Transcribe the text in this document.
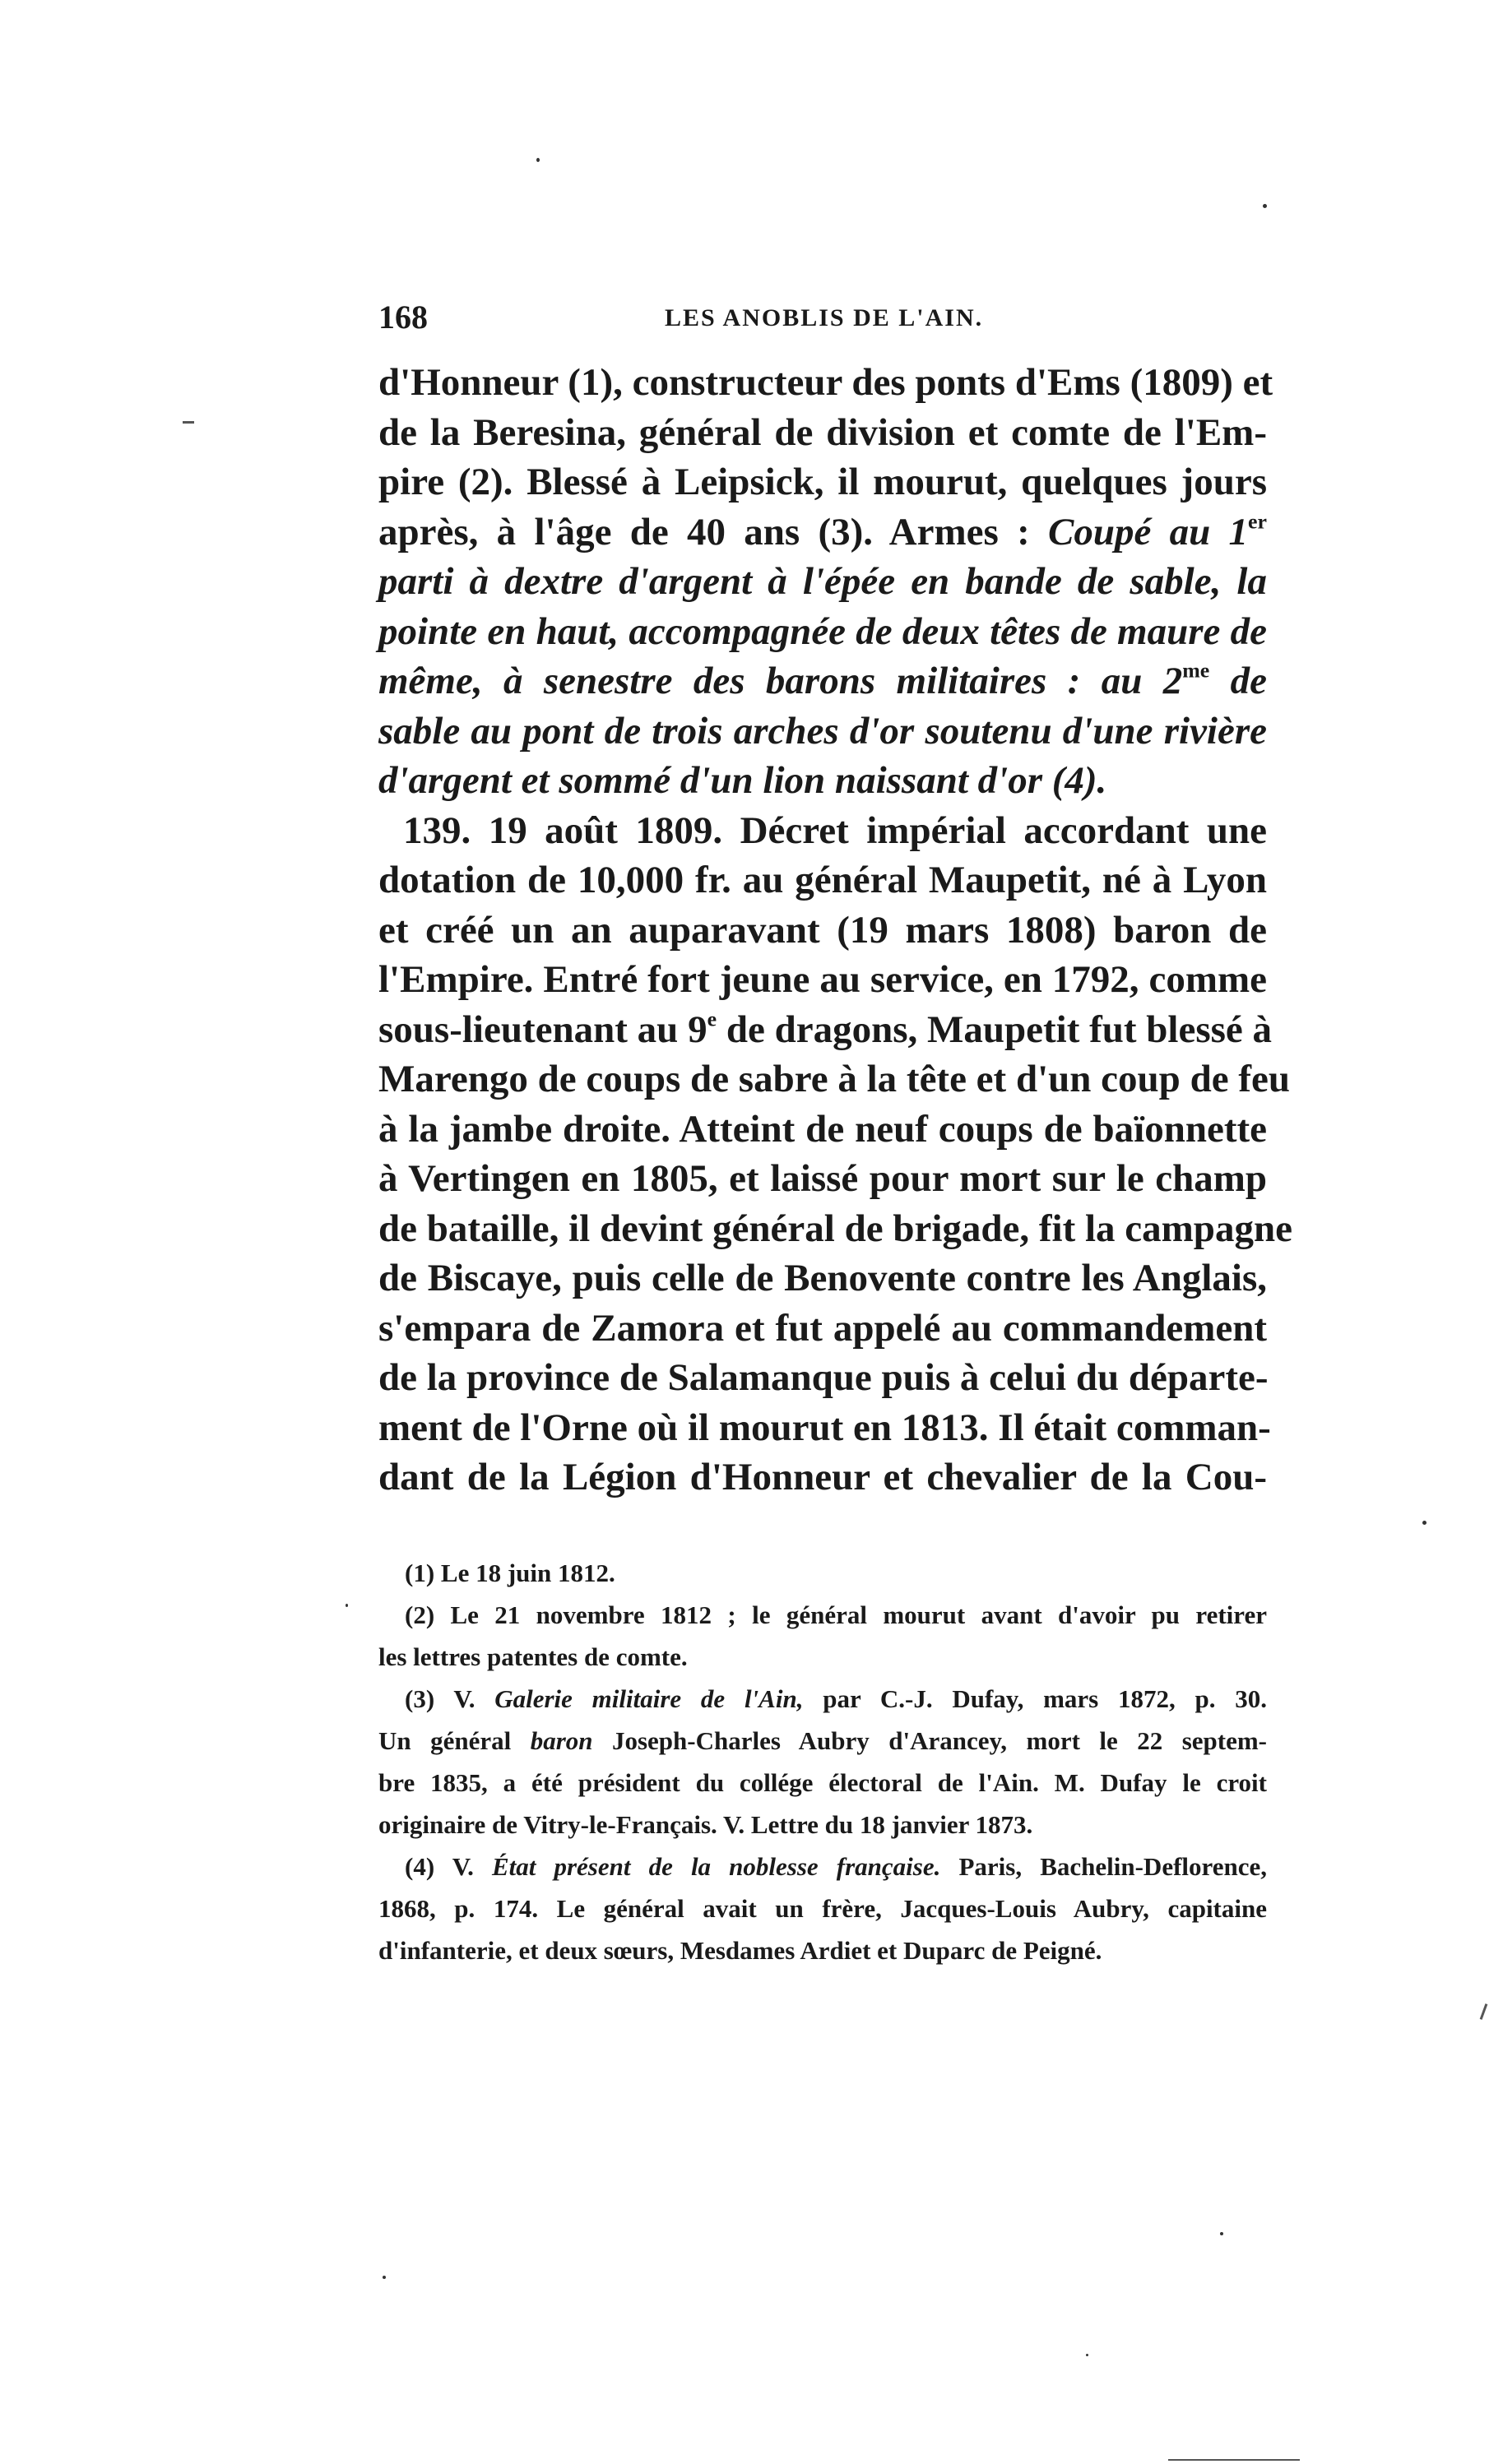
168	LES ANOBLIS DE L'AIN.
d'Honneur (1), constructeur des ponts d'Ems (1809) et
de la Beresina, général de division et comte de l'Em-
pire (2). Blessé à Leipsick, il mourut, quelques jours
après, à l'âge de 40 ans (3). Armes : Coupé au 1er
parti à dextre d'argent à l'épée en bande de sable, la
pointe en haut, accompagnée de deux têtes de maure de
même, à senestre des barons militaires : au $2^{me}$ de
sable au pont de trois arches d'or soutenu d'une rivière
d'argent et sommé d'un lion naissant d'or (4).
139. 19 août 1809. Décret impérial accordant une
dotation de 10,000 fr. au général Maupetit, né à Lyon
et créé un an auparavant (19 mars 1808) baron de
l'Empire. Entré fort jeune au service, en 1792, comme
sous-lieutenant au 9e de dragons, Maupetit fut blessé à
Marengo de coups de sabre à la tête et d'un coup de feu
à la jambe droite. Atteint de neuf coups de baïonnette
à Vertingen en 1805, et laissé pour mort sur le champ
de bataille, il devint général de brigade, fit la campagne
de Biscaye, puis celle de Benovente contre les Anglais,
s'empara de Zamora et fut appelé au commandement
de la province de Salamanque puis à celui du départe-
ment de l'Orne où il mourut en 1813. Il était comman-
dant de la Légion d'Honneur et chevalier de la Cou-
(1) Le 18 juin 1812.
(2) Le 21 novembre 1812 ; le général mourut avant d'avoir pu retirer
les lettres patentes de comte.
(3) V. Galerie militaire de l'Ain, par C.-J. Dufay, mars 1872, p. 30.
Un général baron Joseph-Charles Aubry d'Arancey, mort le 22 septem-
bre 1835, a été président du collége électoral de l'Ain. M. Dufay le croit
originaire de Vitry-le-Français. V. Lettre du 18 janvier 1873.
(4) V. État présent de la noblesse française. Paris, Bachelin-Deflorence,
1868, p. 174. Le général avait un frère, Jacques-Louis Aubry, capitaine
d'infanterie, et deux sœurs, Mesdames Ardiet et Duparc de Peigné.
